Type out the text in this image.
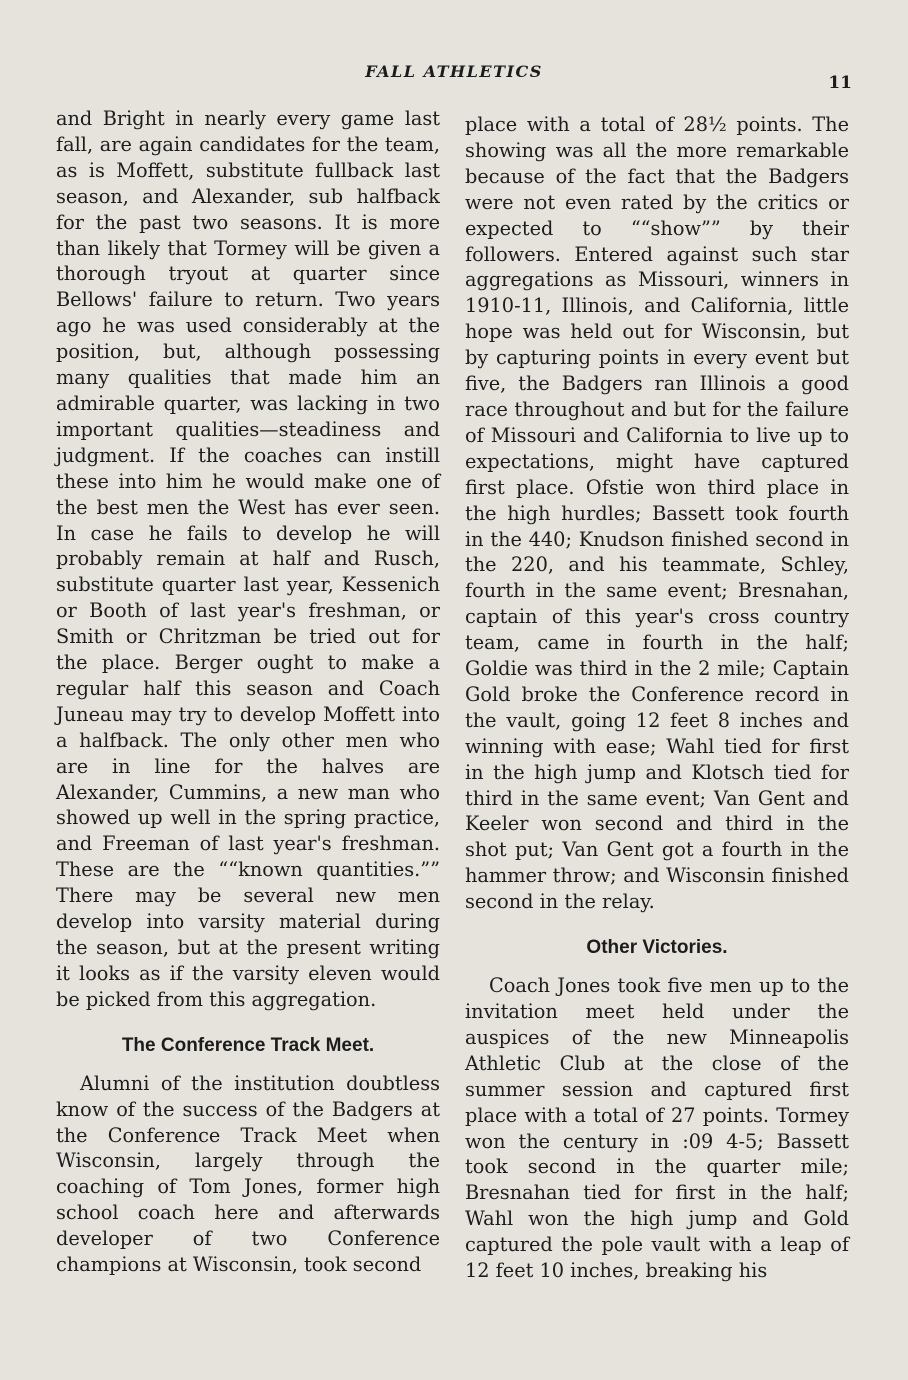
FALL ATHLETICS
11

and Bright in nearly every game last fall, are again candidates for the team, as is Moffett, substitute fullback last season, and Alexander, sub halfback for the past two seasons. It is more than likely that Tormey will be given a thorough tryout at quarter since Bellows' failure to return. Two years ago he was used considerably at the position, but, although possessing many qualities that made him an admirable quarter, was lacking in two important qualities—steadiness and judgment. If the coaches can instill these into him he would make one of the best men the West has ever seen. In case he fails to develop he will probably remain at half and Rusch, substitute quarter last year, Kessenich or Booth of last year's freshman, or Smith or Chritzman be tried out for the place. Berger ought to make a regular half this season and Coach Juneau may try to develop Moffett into a halfback. The only other men who are in line for the halves are Alexander, Cummins, a new man who showed up well in the spring practice, and Freeman of last year's freshman. These are the ““known quantities.”” There may be several new men develop into varsity material during the season, but at the present writing it looks as if the varsity eleven would be picked from this aggregation.

The Conference Track Meet.

Alumni of the institution doubtless know of the success of the Badgers at the Conference Track Meet when Wisconsin, largely through the coaching of Tom Jones, former high school coach here and afterwards developer of two Conference champions at Wisconsin, took second

place with a total of 28½ points. The showing was all the more remarkable because of the fact that the Badgers were not even rated by the critics or expected to ““show”” by their followers. Entered against such star aggregations as Missouri, winners in 1910-11, Illinois, and California, little hope was held out for Wisconsin, but by capturing points in every event but five, the Badgers ran Illinois a good race throughout and but for the failure of Missouri and California to live up to expectations, might have captured first place. Ofstie won third place in the high hurdles; Bassett took fourth in the 440; Knudson finished second in the 220, and his teammate, Schley, fourth in the same event; Bresnahan, captain of this year's cross country team, came in fourth in the half; Goldie was third in the 2 mile; Captain Gold broke the Conference record in the vault, going 12 feet 8 inches and winning with ease; Wahl tied for first in the high jump and Klotsch tied for third in the same event; Van Gent and Keeler won second and third in the shot put; Van Gent got a fourth in the hammer throw; and Wisconsin finished second in the relay.

Other Victories.

Coach Jones took five men up to the invitation meet held under the auspices of the new Minneapolis Athletic Club at the close of the summer session and captured first place with a total of 27 points. Tormey won the century in :09 4-5; Bassett took second in the quarter mile; Bresnahan tied for first in the half; Wahl won the high jump and Gold captured the pole vault with a leap of 12 feet 10 inches, breaking his
